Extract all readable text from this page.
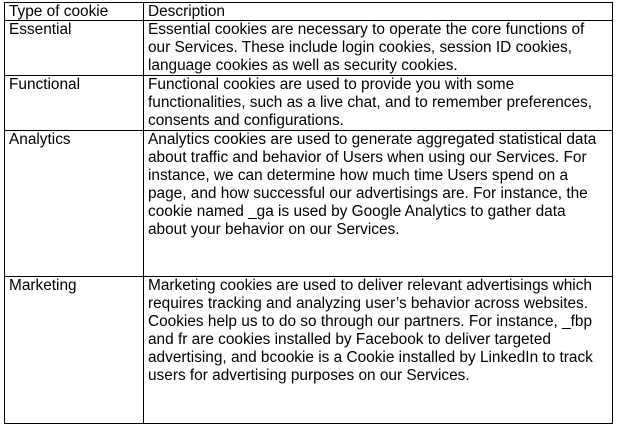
Type of cookie	Description
Essential	Essential cookies are necessary to operate the core functions of our Services. These include login cookies, session ID cookies, language cookies as well as security cookies.
Functional	Functional cookies are used to provide you with some functionalities, such as a live chat, and to remember preferences, consents and configurations.
Analytics	Analytics cookies are used to generate aggregated statistical data about traffic and behavior of Users when using our Services. For instance, we can determine how much time Users spend on a page, and how successful our advertisings are. For instance, the cookie named _ga is used by Google Analytics to gather data about your behavior on our Services.
Marketing	Marketing cookies are used to deliver relevant advertisings which requires tracking and analyzing user’s behavior across websites. Cookies help us to do so through our partners. For instance, _fbp and fr are cookies installed by Facebook to deliver targeted advertising, and bcookie is a Cookie installed by LinkedIn to track users for advertising purposes on our Services.
